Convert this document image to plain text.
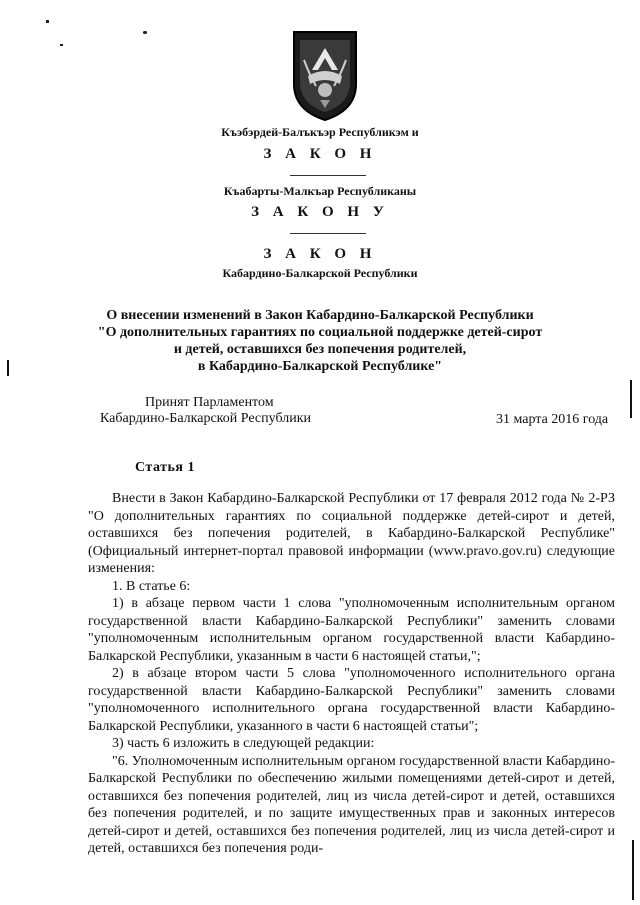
Къэбэрдей-Балъкъэр Республикэм и
З А К О Н
Къабарты-Малкъар Республиканы
З А К О Н У
З А К О Н
Кабардино-Балкарской Республики
О внесении изменений в Закон Кабардино-Балкарской Республики
"О дополнительных гарантиях по социальной поддержке детей-сирот
и детей, оставшихся без попечения родителей,
в Кабардино-Балкарской Республике"
Принят Парламентом
Кабардино-Балкарской Республики	31 марта 2016 года
Статья 1

Внести в Закон Кабардино-Балкарской Республики от 17 февраля 2012 года № 2-РЗ "О дополнительных гарантиях по социальной поддержке детей-сирот и детей, оставшихся без попечения родителей, в Кабардино-Балкарской Республике" (Официальный интернет-портал правовой информации (www.pravo.gov.ru) следующие изменения:

1. В статье 6:

1) в абзаце первом части 1 слова "уполномоченным исполнительным органом государственной власти Кабардино-Балкарской Республики" заменить словами "уполномоченным исполнительным органом государственной власти Кабардино-Балкарской Республики, указанным в части 6 настоящей статьи,";

2) в абзаце втором части 5 слова "уполномоченного исполнительного органа государственной власти Кабардино-Балкарской Республики" заменить словами "уполномоченного исполнительного органа государственной власти Кабардино-Балкарской Республики, указанного в части 6 настоящей статьи";

3) часть 6 изложить в следующей редакции:

"6. Уполномоченным исполнительным органом государственной власти Кабардино-Балкарской Республики по обеспечению жилыми помещениями детей-сирот и детей, оставшихся без попечения родителей, лиц из числа детей-сирот и детей, оставшихся без попечения родителей, и по защите имущественных прав и законных интересов детей-сирот и детей, оставшихся без попечения родителей, лиц из числа детей-сирот и детей, оставшихся без попечения роди-
